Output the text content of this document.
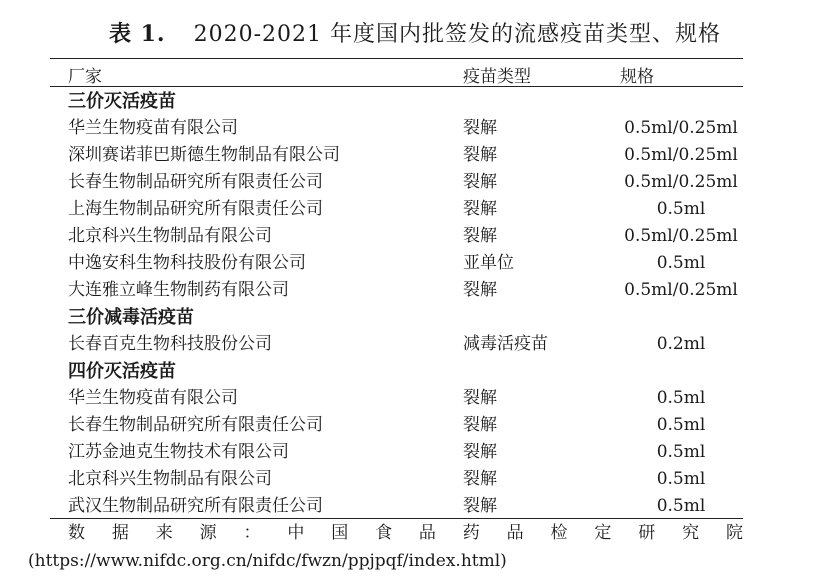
表 1. 2020-2021 年度国内批签发的流感疫苗类型、规格
厂家	疫苗类型	规格
三价灭活疫苗
华兰生物疫苗有限公司	裂解	0.5ml/0.25ml
深圳赛诺菲巴斯德生物制品有限公司	裂解	0.5ml/0.25ml
长春生物制品研究所有限责任公司	裂解	0.5ml/0.25ml
上海生物制品研究所有限责任公司	裂解	0.5ml
北京科兴生物制品有限公司	裂解	0.5ml/0.25ml
中逸安科生物科技股份有限公司	亚单位	0.5ml
大连雅立峰生物制药有限公司	裂解	0.5ml/0.25ml
三价减毒活疫苗
长春百克生物科技股份公司	减毒活疫苗	0.2ml
四价灭活疫苗
华兰生物疫苗有限公司	裂解	0.5ml
长春生物制品研究所有限责任公司	裂解	0.5ml
江苏金迪克生物技术有限公司	裂解	0.5ml
北京科兴生物制品有限公司	裂解	0.5ml
武汉生物制品研究所有限责任公司	裂解	0.5ml
数据来源：中国食品药品检定研究院
(https://www.nifdc.org.cn/nifdc/fwzn/ppjpqf/index.html)
